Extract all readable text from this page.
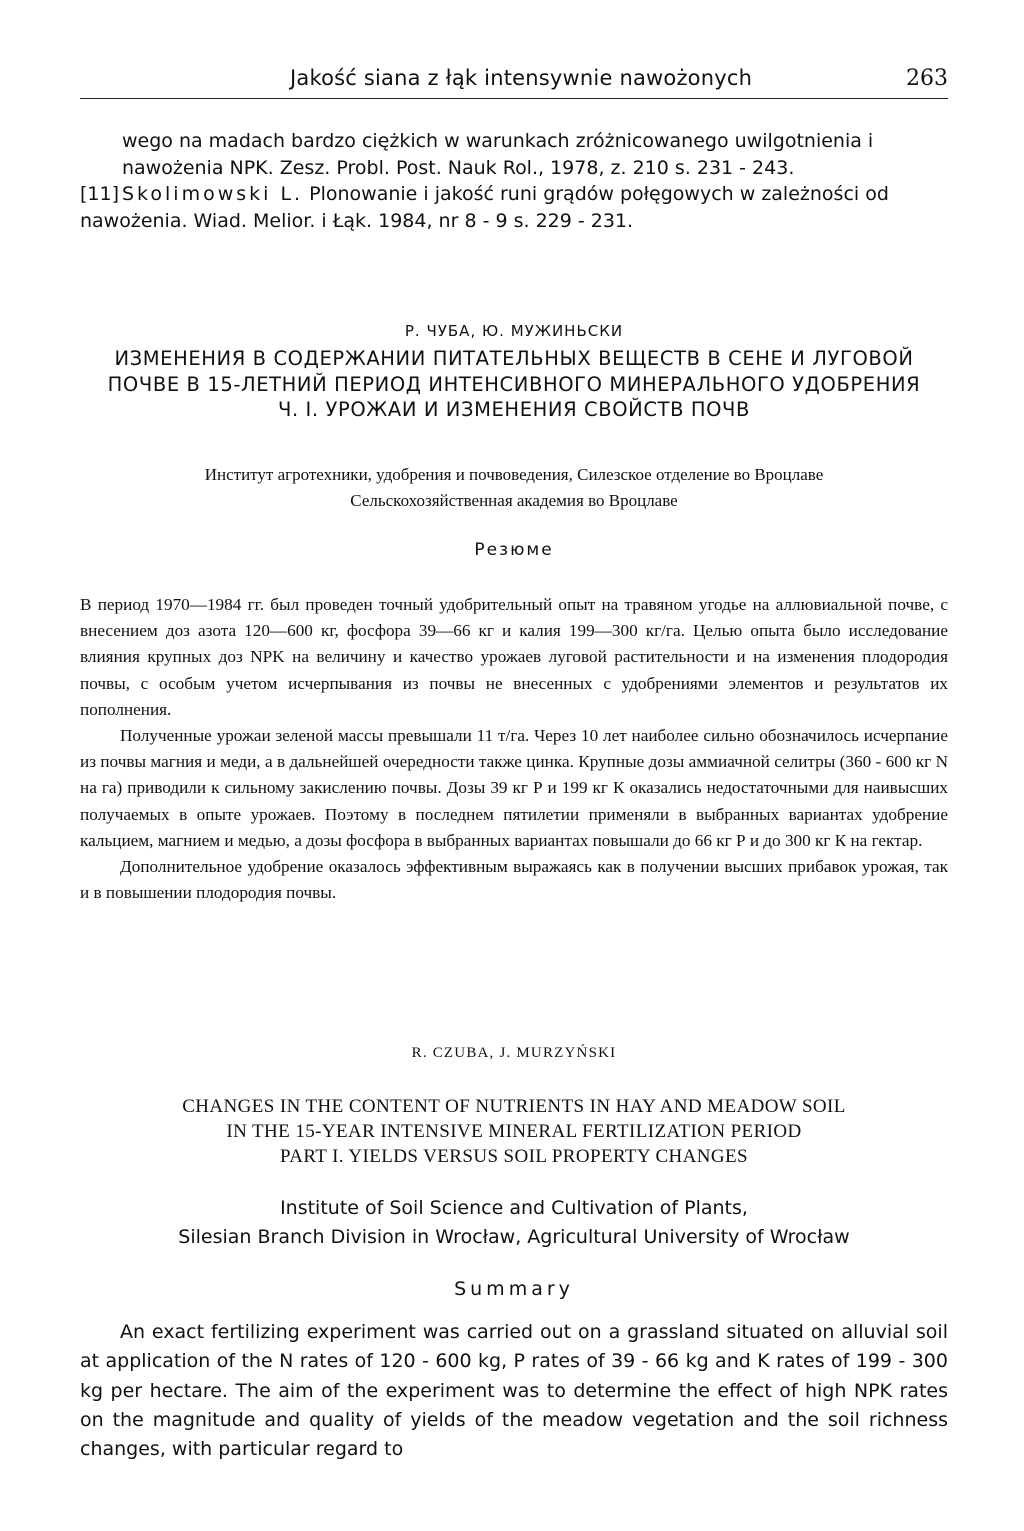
Jakość siana z łąk intensywnie nawożonych	263

wego na madach bardzo ciężkich w warunkach zróżnicowanego uwilgotnienia i nawożenia NPK. Zesz. Probl. Post. Nauk Rol., 1978, z. 210 s. 231 - 243.

[11] Skolimowski L. Plonowanie i jakość runi grądów połęgowych w zależności od nawożenia. Wiad. Melior. i Łąk. 1984, nr 8 - 9 s. 229 - 231.

Р. ЧУБА, Ю. МУЖИНЬСКИ
ИЗМЕНЕНИЯ В СОДЕРЖАНИИ ПИТАТЕЛЬНЫХ ВЕЩЕСТВ В СЕНЕ И ЛУГОВОЙ
ПОЧВЕ В 15-ЛЕТНИЙ ПЕРИОД ИНТЕНСИВНОГО МИНЕРАЛЬНОГО УДОБРЕНИЯ
Ч. I. УРОЖАИ И ИЗМЕНЕНИЯ СВОЙСТВ ПОЧВ
Институт агротехники, удобрения и почвоведения, Силезское отделение во Вроцлаве
Сельскохозяйственная академия во Вроцлаве
Резюме

В период 1970—1984 гг. был проведен точный удобрительный опыт на травяном угодье на аллювиальной почве, с внесением доз азота 120—600 кг, фосфора 39—66 кг и калия 199—300 кг/га. Целью опыта было исследование влияния крупных доз NPK на величину и качество урожаев луговой растительности и на изменения плодородия почвы, с особым учетом исчерпывания из почвы не внесенных с удобрениями элементов и результатов их пополнения.

Полученные урожаи зеленой массы превышали 11 т/га. Через 10 лет наиболее сильно обозначилось исчерпание из почвы магния и меди, а в дальнейшей очередности также цинка. Крупные дозы аммиачной селитры (360 - 600 кг N на га) приводили к сильному закислению почвы. Дозы 39 кг Р и 199 кг К оказались недостаточными для наивысших получаемых в опыте урожаев. Поэтому в последнем пятилетии применяли в выбранных вариантах удобрение кальцием, магнием и медью, а дозы фосфора в выбранных вариантах повышали до 66 кг Р и до 300 кг К на гектар.

Дополнительное удобрение оказалось эффективным выражаясь как в получении высших прибавок урожая, так и в повышении плодородия почвы.

R. CZUBA, J. MURZYŃSKI
CHANGES IN THE CONTENT OF NUTRIENTS IN HAY AND MEADOW SOIL
IN THE 15-YEAR INTENSIVE MINERAL FERTILIZATION PERIOD
PART I. YIELDS VERSUS SOIL PROPERTY CHANGES
Institute of Soil Science and Cultivation of Plants,
Silesian Branch Division in Wrocław, Agricultural University of Wrocław
Summary

An exact fertilizing experiment was carried out on a grassland situated on alluvial soil at application of the N rates of 120 - 600 kg, P rates of 39 - 66 kg and K rates of 199 - 300 kg per hectare. The aim of the experiment was to determine the effect of high NPK rates on the magnitude and quality of yields of the meadow vegetation and the soil richness changes, with particular regard to
